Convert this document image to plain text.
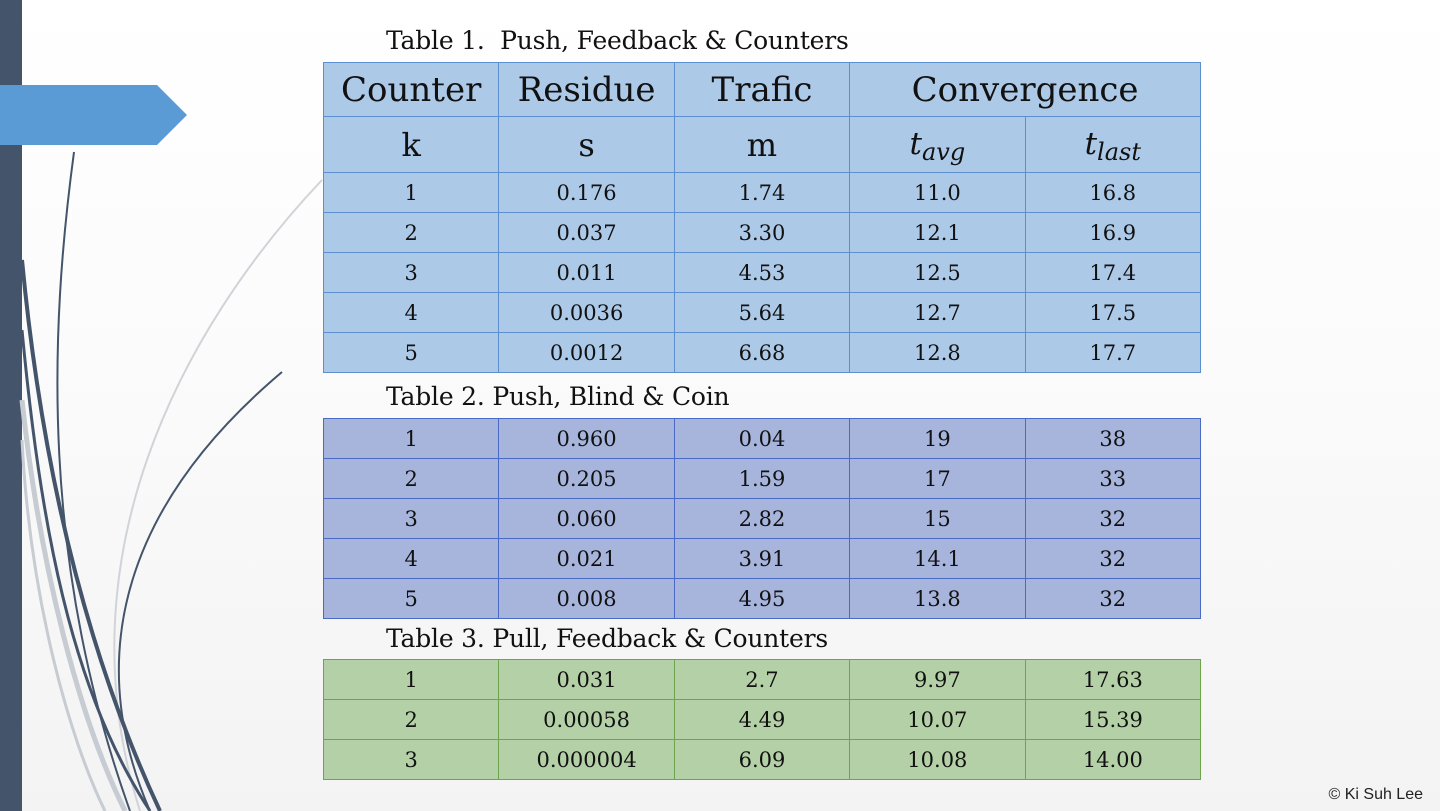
Table 1.  Push, Feedback & Counters
Counter	Residue	Trafic	Convergence	
k	s	m	$t_{avg}$	$t_{last}$
1	0.176	1.74	11.0	16.8
2	0.037	3.30	12.1	16.9
3	0.011	4.53	12.5	17.4
4	0.0036	5.64	12.7	17.5
5	0.0012	6.68	12.8	17.7
Table 2. Push, Blind & Coin
1	0.960	0.04	19	38
2	0.205	1.59	17	33
3	0.060	2.82	15	32
4	0.021	3.91	14.1	32
5	0.008	4.95	13.8	32
Table 3. Pull, Feedback & Counters
1	0.031	2.7	9.97	17.63
2	0.00058	4.49	10.07	15.39
3	0.000004	6.09	10.08	14.00
© Ki Suh Lee
